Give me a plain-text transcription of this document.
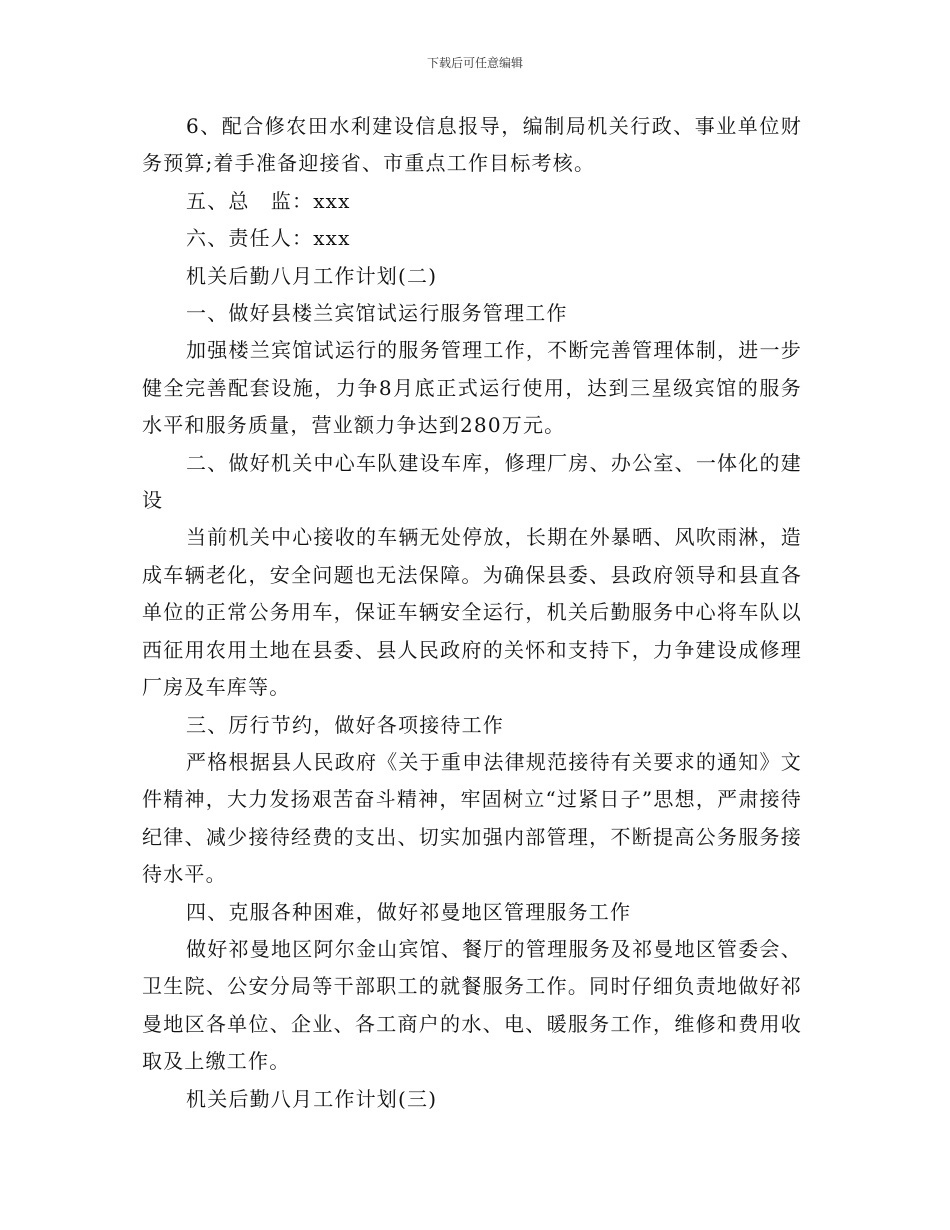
下载后可任意编辑

6、配合修农田水利建设信息报导，编制局机关行政、事业单位财务预算;着手准备迎接省、市重点工作目标考核。

五、总　监：xxx

六、责任人：xxx

机关后勤八月工作计划(二)

一、做好县楼兰宾馆试运行服务管理工作

加强楼兰宾馆试运行的服务管理工作，不断完善管理体制，进一步健全完善配套设施，力争8月底正式运行使用，达到三星级宾馆的服务水平和服务质量，营业额力争达到280万元。

二、做好机关中心车队建设车库，修理厂房、办公室、一体化的建设

当前机关中心接收的车辆无处停放，长期在外暴晒、风吹雨淋，造成车辆老化，安全问题也无法保障。为确保县委、县政府领导和县直各单位的正常公务用车，保证车辆安全运行，机关后勤服务中心将车队以西征用农用土地在县委、县人民政府的关怀和支持下，力争建设成修理厂房及车库等。

三、厉行节约，做好各项接待工作

严格根据县人民政府《关于重申法律规范接待有关要求的通知》文件精神，大力发扬艰苦奋斗精神，牢固树立“过紧日子”思想，严肃接待纪律、减少接待经费的支出、切实加强内部管理，不断提高公务服务接待水平。

四、克服各种困难，做好祁曼地区管理服务工作

做好祁曼地区阿尔金山宾馆、餐厅的管理服务及祁曼地区管委会、卫生院、公安分局等干部职工的就餐服务工作。同时仔细负责地做好祁曼地区各单位、企业、各工商户的水、电、暖服务工作，维修和费用收取及上缴工作。

机关后勤八月工作计划(三)
